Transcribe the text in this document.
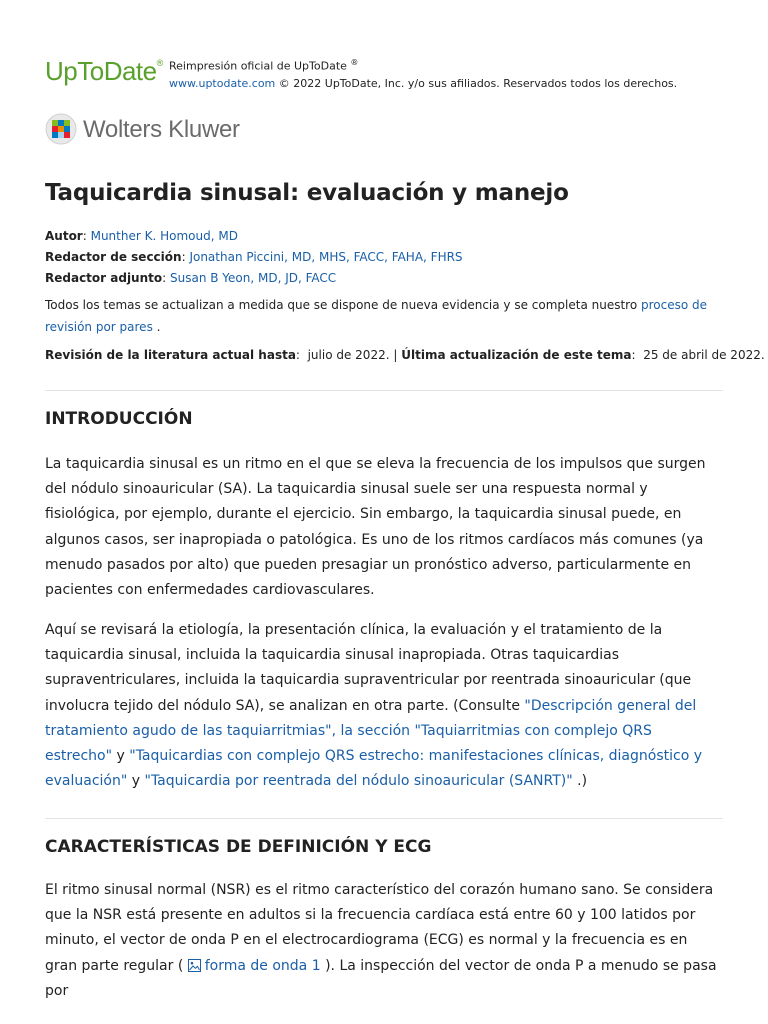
UpToDate® Reimpresión oficial de UpToDate ®
www.uptodate.com © 2022 UpToDate, Inc. y/o sus afiliados. Reservados todos los derechos.
Wolters Kluwer
Taquicardia sinusal: evaluación y manejo
Autor: Munther K. Homoud, MD
Redactor de sección: Jonathan Piccini, MD, MHS, FACC, FAHA, FHRS
Redactor adjunto: Susan B Yeon, MD, JD, FACC
Todos los temas se actualizan a medida que se dispone de nueva evidencia y se completa nuestro proceso de revisión por pares .
Revisión de la literatura actual hasta:  julio de 2022. | Última actualización de este tema:  25 de abril de 2022.
INTRODUCCIÓN

La taquicardia sinusal es un ritmo en el que se eleva la frecuencia de los impulsos que surgen del nódulo sinoauricular (SA). La taquicardia sinusal suele ser una respuesta normal y fisiológica, por ejemplo, durante el ejercicio. Sin embargo, la taquicardia sinusal puede, en algunos casos, ser inapropiada o patológica. Es uno de los ritmos cardíacos más comunes (ya menudo pasados por alto) que pueden presagiar un pronóstico adverso, particularmente en pacientes con enfermedades cardiovasculares.

Aquí se revisará la etiología, la presentación clínica, la evaluación y el tratamiento de la taquicardia sinusal, incluida la taquicardia sinusal inapropiada. Otras taquicardias supraventriculares, incluida la taquicardia supraventricular por reentrada sinoauricular (que involucra tejido del nódulo SA), se analizan en otra parte. (Consulte "Descripción general del tratamiento agudo de las taquiarritmias", la sección "Taquiarritmias con complejo QRS estrecho" y "Taquicardias con complejo QRS estrecho: manifestaciones clínicas, diagnóstico y evaluación" y "Taquicardia por reentrada del nódulo sinoauricular (SANRT)" .)

CARACTERÍSTICAS DE DEFINICIÓN Y ECG

El ritmo sinusal normal (NSR) es el ritmo característico del corazón humano sano. Se considera que la NSR está presente en adultos si la frecuencia cardíaca está entre 60 y 100 latidos por minuto, el vector de onda P en el electrocardiograma (ECG) es normal y la frecuencia es en gran parte regular ( forma de onda 1 ). La inspección del vector de onda P a menudo se pasa por
